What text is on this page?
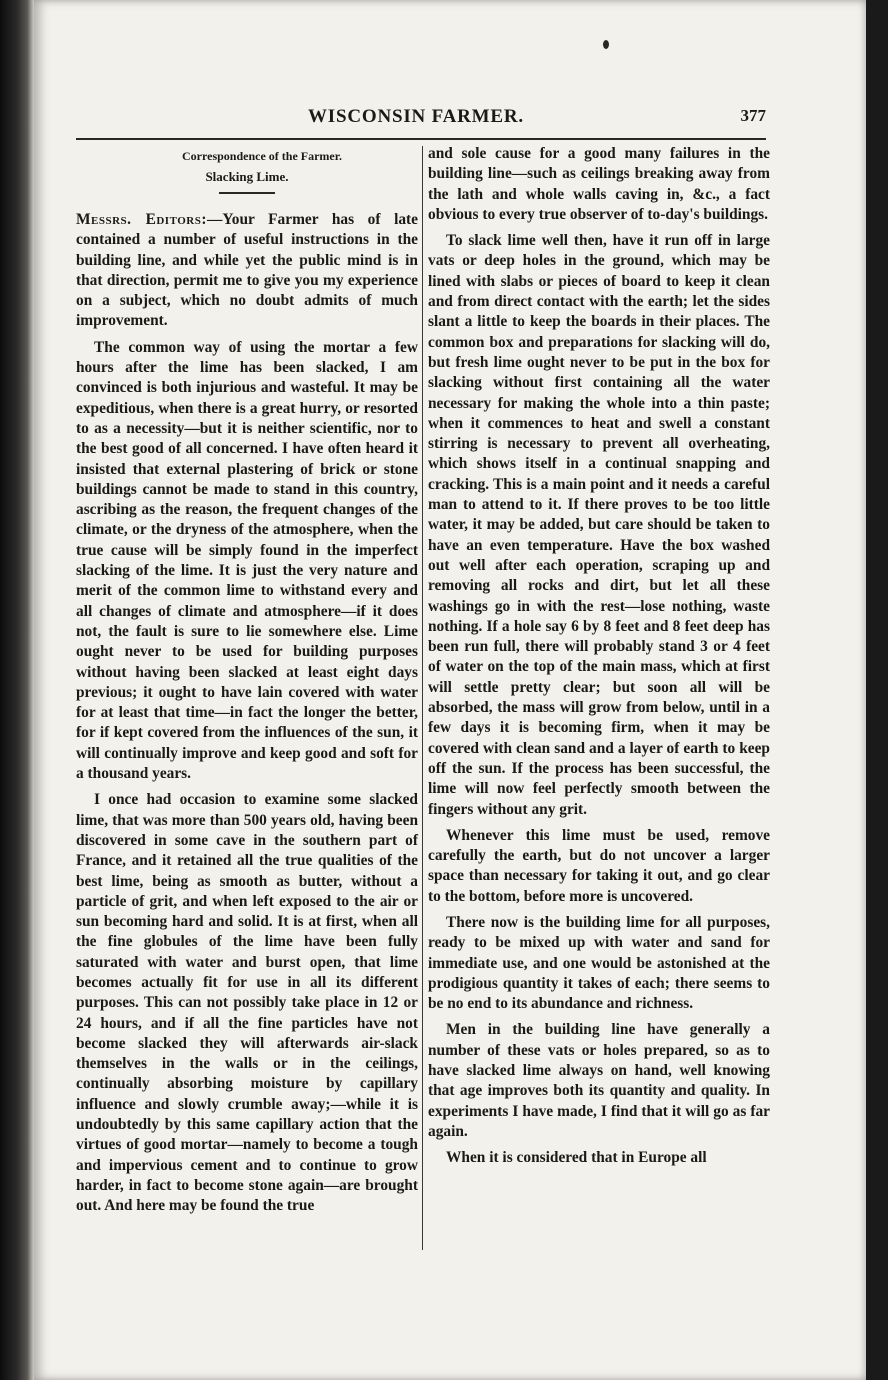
WISCONSIN FARMER.	377
Correspondence of the Farmer.
Slacking Lime.

Messrs. Editors:—Your Farmer has of late contained a number of useful instructions in the building line, and while yet the public mind is in that direction, permit me to give you my experience on a subject, which no doubt admits of much improvement.

The common way of using the mortar a few hours after the lime has been slacked, I am convinced is both injurious and wasteful. It may be expeditious, when there is a great hurry, or resorted to as a necessity—but it is neither scientific, nor to the best good of all concerned. I have often heard it insisted that external plastering of brick or stone buildings cannot be made to stand in this country, ascribing as the reason, the frequent changes of the climate, or the dryness of the atmosphere, when the true cause will be simply found in the imperfect slacking of the lime. It is just the very nature and merit of the common lime to withstand every and all changes of climate and atmosphere—if it does not, the fault is sure to lie somewhere else. Lime ought never to be used for building purposes without having been slacked at least eight days previous; it ought to have lain covered with water for at least that time—in fact the longer the better, for if kept covered from the influences of the sun, it will continually improve and keep good and soft for a thousand years.

I once had occasion to examine some slacked lime, that was more than 500 years old, having been discovered in some cave in the southern part of France, and it retained all the true qualities of the best lime, being as smooth as butter, without a particle of grit, and when left exposed to the air or sun becoming hard and solid. It is at first, when all the fine globules of the lime have been fully saturated with water and burst open, that lime becomes actually fit for use in all its different purposes. This can not possibly take place in 12 or 24 hours, and if all the fine particles have not become slacked they will afterwards air-slack themselves in the walls or in the ceilings, continually absorbing moisture by capillary influence and slowly crumble away;—while it is undoubtedly by this same capillary action that the virtues of good mortar—namely to become a tough and impervious cement and to continue to grow harder, in fact to become stone again—are brought out. And here may be found the true

and sole cause for a good many failures in the building line—such as ceilings breaking away from the lath and whole walls caving in, &c., a fact obvious to every true observer of to-day's buildings.

To slack lime well then, have it run off in large vats or deep holes in the ground, which may be lined with slabs or pieces of board to keep it clean and from direct contact with the earth; let the sides slant a little to keep the boards in their places. The common box and preparations for slacking will do, but fresh lime ought never to be put in the box for slacking without first containing all the water necessary for making the whole into a thin paste; when it commences to heat and swell a constant stirring is necessary to prevent all overheating, which shows itself in a continual snapping and cracking. This is a main point and it needs a careful man to attend to it. If there proves to be too little water, it may be added, but care should be taken to have an even temperature. Have the box washed out well after each operation, scraping up and removing all rocks and dirt, but let all these washings go in with the rest—lose nothing, waste nothing. If a hole say 6 by 8 feet and 8 feet deep has been run full, there will probably stand 3 or 4 feet of water on the top of the main mass, which at first will settle pretty clear; but soon all will be absorbed, the mass will grow from below, until in a few days it is becoming firm, when it may be covered with clean sand and a layer of earth to keep off the sun. If the process has been successful, the lime will now feel perfectly smooth between the fingers without any grit.

Whenever this lime must be used, remove carefully the earth, but do not uncover a larger space than necessary for taking it out, and go clear to the bottom, before more is uncovered.

There now is the building lime for all purposes, ready to be mixed up with water and sand for immediate use, and one would be astonished at the prodigious quantity it takes of each; there seems to be no end to its abundance and richness.

Men in the building line have generally a number of these vats or holes prepared, so as to have slacked lime always on hand, well knowing that age improves both its quantity and quality. In experiments I have made, I find that it will go as far again.

When it is considered that in Europe all
